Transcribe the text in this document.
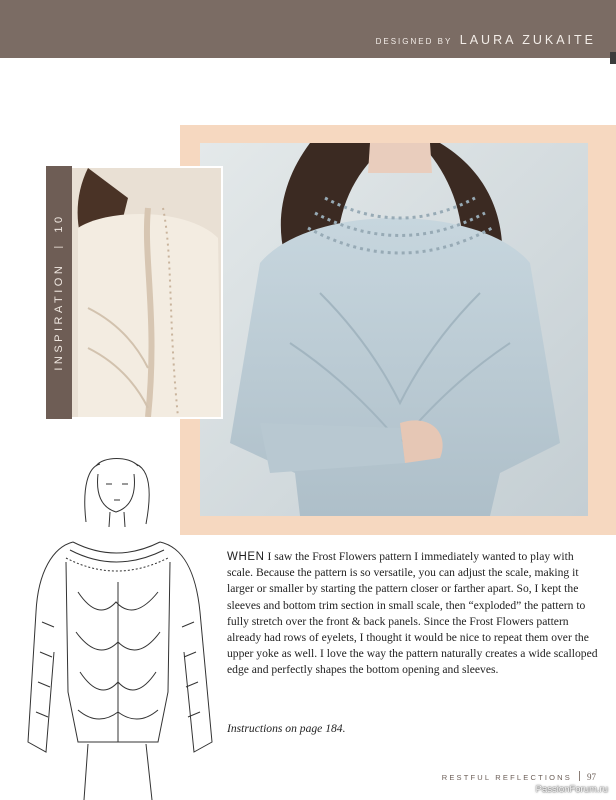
DESIGNED BY LAURA ZUKAITE
INSPIRATION  10
WHEN I saw the Frost Flowers pattern I immediately wanted to play with scale. Because the pattern is so versatile, you can adjust the scale, making it larger or smaller by starting the pattern closer or farther apart. So, I kept the sleeves and bottom trim section in small scale, then “exploded” the pattern to fully stretch over the front & back panels. Since the Frost Flowers pattern already had rows of eyelets, I thought it would be nice to repeat them over the upper yoke as well. I love the way the pattern naturally creates a wide scalloped edge and perfectly shapes the bottom opening and sleeves.
Instructions on page 184.
RESTFUL REFLECTIONS 97
PassionForum.ru
